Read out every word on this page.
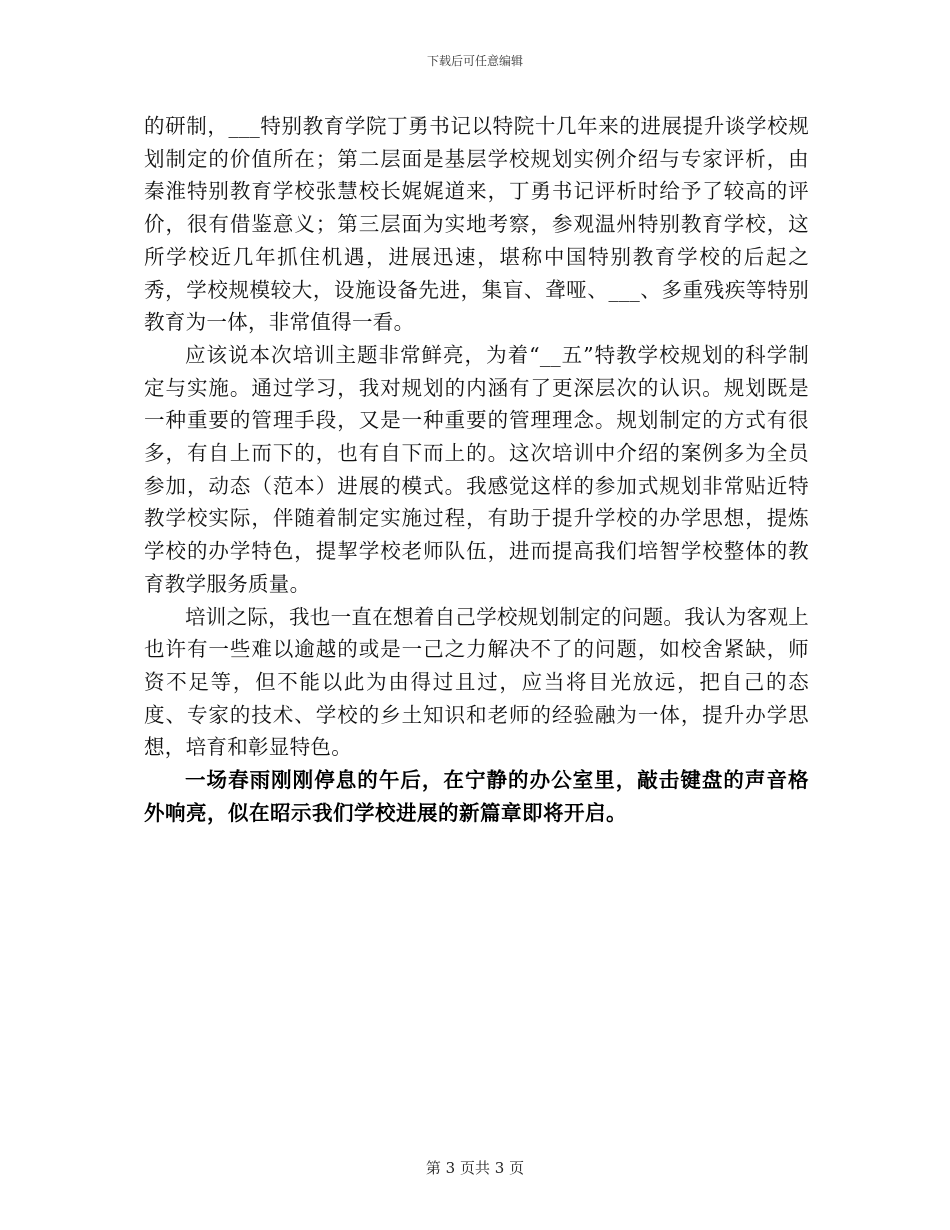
下载后可任意编辑

的研制，___特别教育学院丁勇书记以特院十几年来的进展提升谈学校规划制定的价值所在；第二层面是基层学校规划实例介绍与专家评析，由秦淮特别教育学校张慧校长娓娓道来，丁勇书记评析时给予了较高的评价，很有借鉴意义；第三层面为实地考察，参观温州特别教育学校，这所学校近几年抓住机遇，进展迅速，堪称中国特别教育学校的后起之秀，学校规模较大，设施设备先进，集盲、聋哑、___、多重残疾等特别教育为一体，非常值得一看。

应该说本次培训主题非常鲜亮，为着“__五”特教学校规划的科学制定与实施。通过学习，我对规划的内涵有了更深层次的认识。规划既是一种重要的管理手段，又是一种重要的管理理念。规划制定的方式有很多，有自上而下的，也有自下而上的。这次培训中介绍的案例多为全员参加，动态（范本）进展的模式。我感觉这样的参加式规划非常贴近特教学校实际，伴随着制定实施过程，有助于提升学校的办学思想，提炼学校的办学特色，提挈学校老师队伍，进而提高我们培智学校整体的教育教学服务质量。

培训之际，我也一直在想着自己学校规划制定的问题。我认为客观上也许有一些难以逾越的或是一己之力解决不了的问题，如校舍紧缺，师资不足等，但不能以此为由得过且过，应当将目光放远，把自己的态度、专家的技术、学校的乡土知识和老师的经验融为一体，提升办学思想，培育和彰显特色。

一场春雨刚刚停息的午后，在宁静的办公室里，敲击键盘的声音格外响亮，似在昭示我们学校进展的新篇章即将开启。

第 3 页共 3 页
